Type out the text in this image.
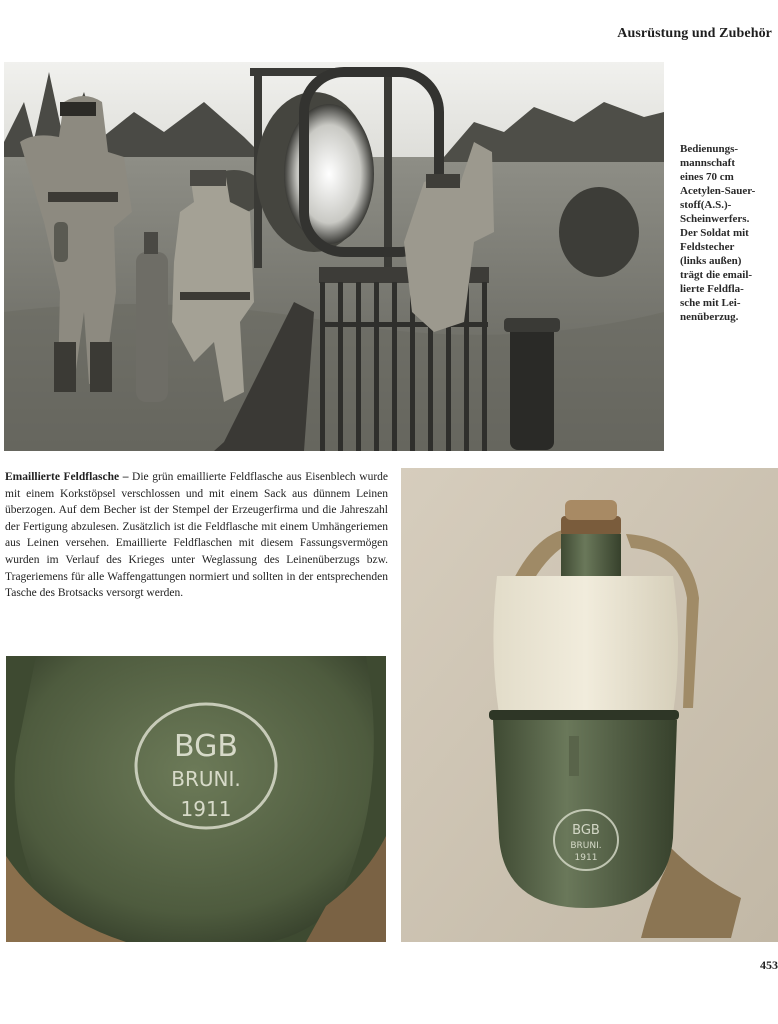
Ausrüstung und Zubehör
Bedienungs-
mannschaft
eines 70 cm
Acetylen-Sauer-
stoff(A.S.)-
Scheinwerfers.
Der Soldat mit
Feldstecher
(links außen)
trägt die email-
lierte Feldfla-
sche mit Lei-
nenüberzug.
Emaillierte Feldflasche – Die grün emaillierte Feldflasche aus Eisenblech wurde mit einem Korkstöpsel verschlossen und mit einem Sack aus dünnem Leinen überzogen. Auf dem Becher ist der Stempel der Erzeugerfirma und die Jahreszahl der Fertigung abzulesen. Zusätzlich ist die Feldflasche mit einem Umhängeriemen aus Leinen versehen. Emaillierte Feldflaschen mit diesem Fassungsvermögen wurden im Verlauf des Krieges unter Weglassung des Leinenüberzugs bzw. Trageriemens für alle Waffengattungen normiert und sollten in der entsprechenden Tasche des Brotsacks versorgt werden.
BGB
BRUNI.
1911
BGB
BRUNI.
1911
453
